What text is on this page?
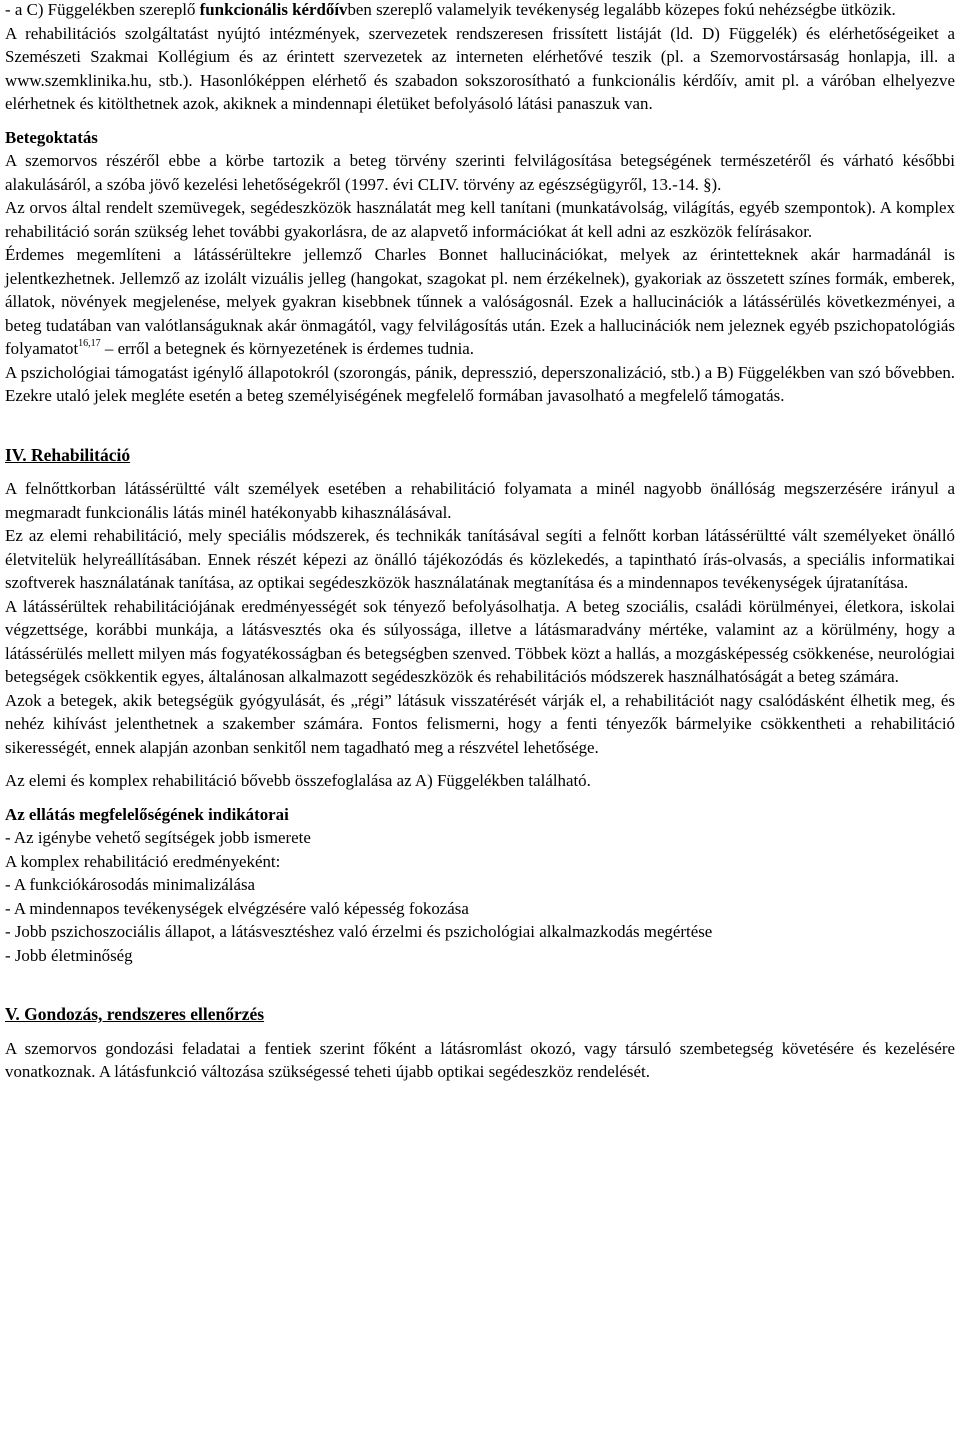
- a C) Függelékben szereplő funkcionális kérdőívben szereplő valamelyik tevékenység legalább közepes fokú nehézségbe ütközik.

A rehabilitációs szolgáltatást nyújtó intézmények, szervezetek rendszeresen frissített listáját (ld. D) Függelék) és elérhetőségeiket a Szemészeti Szakmai Kollégium és az érintett szervezetek az interneten elérhetővé teszik (pl. a Szemorvostársaság honlapja, ill. a www.szemklinika.hu, stb.). Hasonlóképpen elérhető és szabadon sokszorosítható a funkcionális kérdőív, amit pl. a váróban elhelyezve elérhetnek és kitölthetnek azok, akiknek a mindennapi életüket befolyásoló látási panaszuk van.

Betegoktatás

A szemorvos részéről ebbe a körbe tartozik a beteg törvény szerinti felvilágosítása betegségének természetéről és várható későbbi alakulásáról, a szóba jövő kezelési lehetőségekről (1997. évi CLIV. törvény az egészségügyről, 13.-14. §).

Az orvos által rendelt szemüvegek, segédeszközök használatát meg kell tanítani (munkatávolság, világítás, egyéb szempontok). A komplex rehabilitáció során szükség lehet további gyakorlásra, de az alapvető információkat át kell adni az eszközök felírásakor.

Érdemes megemlíteni a látássérültekre jellemző Charles Bonnet hallucinációkat, melyek az érintetteknek akár harmadánál is jelentkezhetnek. Jellemző az izolált vizuális jelleg (hangokat, szagokat pl. nem érzékelnek), gyakoriak az összetett színes formák, emberek, állatok, növények megjelenése, melyek gyakran kisebbnek tűnnek a valóságosnál. Ezek a hallucinációk a látássérülés következményei, a beteg tudatában van valótlanságuknak akár önmagától, vagy felvilágosítás után. Ezek a hallucinációk nem jeleznek egyéb pszichopatológiás folyamatot$^{16,17}$ – erről a betegnek és környezetének is érdemes tudnia.

A pszichológiai támogatást igénylő állapotokról (szorongás, pánik, depresszió, deperszonalizáció, stb.) a B) Függelékben van szó bővebben. Ezekre utaló jelek megléte esetén a beteg személyiségének megfelelő formában javasolható a megfelelő támogatás.

IV. Rehabilitáció

A felnőttkorban látássérültté vált személyek esetében a rehabilitáció folyamata a minél nagyobb önállóság megszerzésére irányul a megmaradt funkcionális látás minél hatékonyabb kihasználásával.

Ez az elemi rehabilitáció, mely speciális módszerek, és technikák tanításával segíti a felnőtt korban látássérültté vált személyeket önálló életvitelük helyreállításában. Ennek részét képezi az önálló tájékozódás és közlekedés, a tapintható írás-olvasás, a speciális informatikai szoftverek használatának tanítása, az optikai segédeszközök használatának megtanítása és a mindennapos tevékenységek újratanítása.

A látássérültek rehabilitációjának eredményességét sok tényező befolyásolhatja. A beteg szociális, családi körülményei, életkora, iskolai végzettsége, korábbi munkája, a látásvesztés oka és súlyossága, illetve a látásmaradvány mértéke, valamint az a körülmény, hogy a látássérülés mellett milyen más fogyatékosságban és betegségben szenved. Többek közt a hallás, a mozgásképesség csökkenése, neurológiai betegségek csökkentik egyes, általánosan alkalmazott segédeszközök és rehabilitációs módszerek használhatóságát a beteg számára.

Azok a betegek, akik betegségük gyógyulását, és „régi” látásuk visszatérését várják el, a rehabilitációt nagy csalódásként élhetik meg, és nehéz kihívást jelenthetnek a szakember számára. Fontos felismerni, hogy a fenti tényezők bármelyike csökkentheti a rehabilitáció sikerességét, ennek alapján azonban senkitől nem tagadható meg a részvétel lehetősége.

Az elemi és komplex rehabilitáció bővebb összefoglalása az A) Függelékben található.

Az ellátás megfelelőségének indikátorai

- Az igénybe vehető segítségek jobb ismerete

A komplex rehabilitáció eredményeként:

- A funkciókárosodás minimalizálása

- A mindennapos tevékenységek elvégzésére való képesség fokozása

- Jobb pszichoszociális állapot, a látásvesztéshez való érzelmi és pszichológiai alkalmazkodás megértése

- Jobb életminőség

V. Gondozás, rendszeres ellenőrzés

A szemorvos gondozási feladatai a fentiek szerint főként a látásromlást okozó, vagy társuló szembetegség követésére és kezelésére vonatkoznak. A látásfunkció változása szükségessé teheti újabb optikai segédeszköz rendelését.
